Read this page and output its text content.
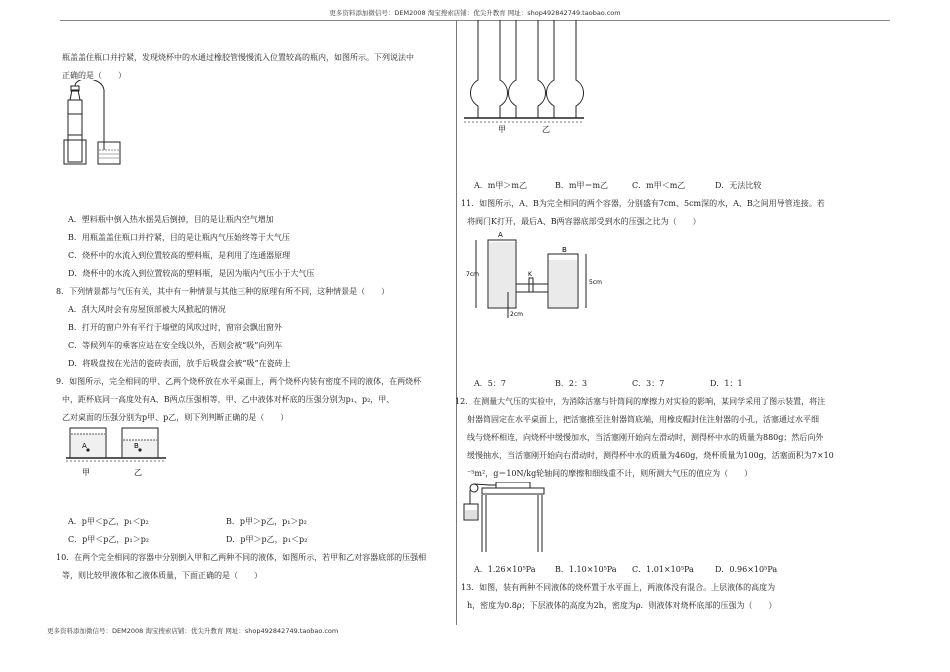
更多资料添加微信号：DEM2008 淘宝搜索店铺：优尖升教育 网址：shop492842749.taobao.com
瓶盖盖住瓶口并拧紧，发现烧杯中的水通过橡胶管慢慢流入位置较高的瓶内，如图所示。下列说法中
正确的是（　　）
A．塑料瓶中倒入热水摇晃后倒掉，目的是让瓶内空气增加
B．用瓶盖盖住瓶口并拧紧，目的是让瓶内气压始终等于大气压
C．烧杯中的水流入到位置较高的塑料瓶，是利用了连通器原理
D．烧杯中的水流入到位置较高的塑料瓶，是因为瓶内气压小于大气压
8．下列情景都与气压有关，其中有一种情景与其他三种的原理有所不同，这种情景是（　　）
A．刮大风时会有房屋顶部被大风掀起的情况
B．打开的窗户外有平行于墙壁的风吹过时，窗帘会飘出窗外
C．等候列车的乘客应站在安全线以外，否则会被“吸”向列车
D．将吸盘按在光洁的瓷砖表面，放手后吸盘会被“吸”在瓷砖上
9．如图所示，完全相同的甲、乙两个烧杯放在水平桌面上，两个烧杯内装有密度不同的液体，在两烧杯
中，距杯底同一高度处有A、B两点压强相等，甲、乙中液体对杯底的压强分别为p₁、p₂，甲、
乙对桌面的压强分别为p甲、p乙，则下列判断正确的是（　　）
A	B
甲	乙
A．p甲＜p乙，p₁＜p₂	B．p甲＞p乙，p₁＞p₂
C．p甲＜p乙，p₁＞p₂	D．p甲＞p乙，p₁＜p₂
10．在两个完全相同的容器中分别倒入甲和乙两种不同的液体，如图所示，若甲和乙对容器底部的压强相
等，则比较甲液体和乙液体质量，下面正确的是（　　）
甲	乙
A．m甲＞m乙	B．m甲＝m乙	C．m甲＜m乙	D．无法比较
11．如图所示，A、B为完全相同的两个容器，分别盛有7cm、5cm深的水，A、B之间用导管连接。若
将阀门K打开，最后A、B两容器底部受到水的压强之比为（　　）
A
B
K
7cm
5cm
2cm
A．5：7	B．2：3	C．3：7	D．1：1
12．在测量大气压的实验中，为消除活塞与针筒间的摩擦力对实验的影响，某同学采用了图示装置，将注
射器筒固定在水平桌面上，把活塞推至注射器筒底端，用橡皮帽封住注射器的小孔，活塞通过水平细
线与烧杯相连，向烧杯中缓慢加水，当活塞刚开始向左滑动时，测得杯中水的质量为880g；然后向外
缓慢抽水，当活塞刚开始向右滑动时，测得杯中水的质量为460g，烧杯质量为100g，活塞面积为7×10
⁻⁵m²，g＝10N/kg轮轴间的摩擦和细线重不计，则所测大气压的值应为（　　）
A．1.26×10⁵Pa B．1.10×10⁵Pa C．1.01×10⁵Pa	D．0.96×10⁵Pa
13．如图，装有两种不同液体的烧杯置于水平面上，两液体没有混合。上层液体的高度为
h，密度为0.8ρ；下层液体的高度为2h，密度为ρ．则液体对烧杯底部的压强为（　　）
更多资料添加微信号：DEM2008 淘宝搜索店铺：优尖升教育 网址：shop492842749.taobao.com
